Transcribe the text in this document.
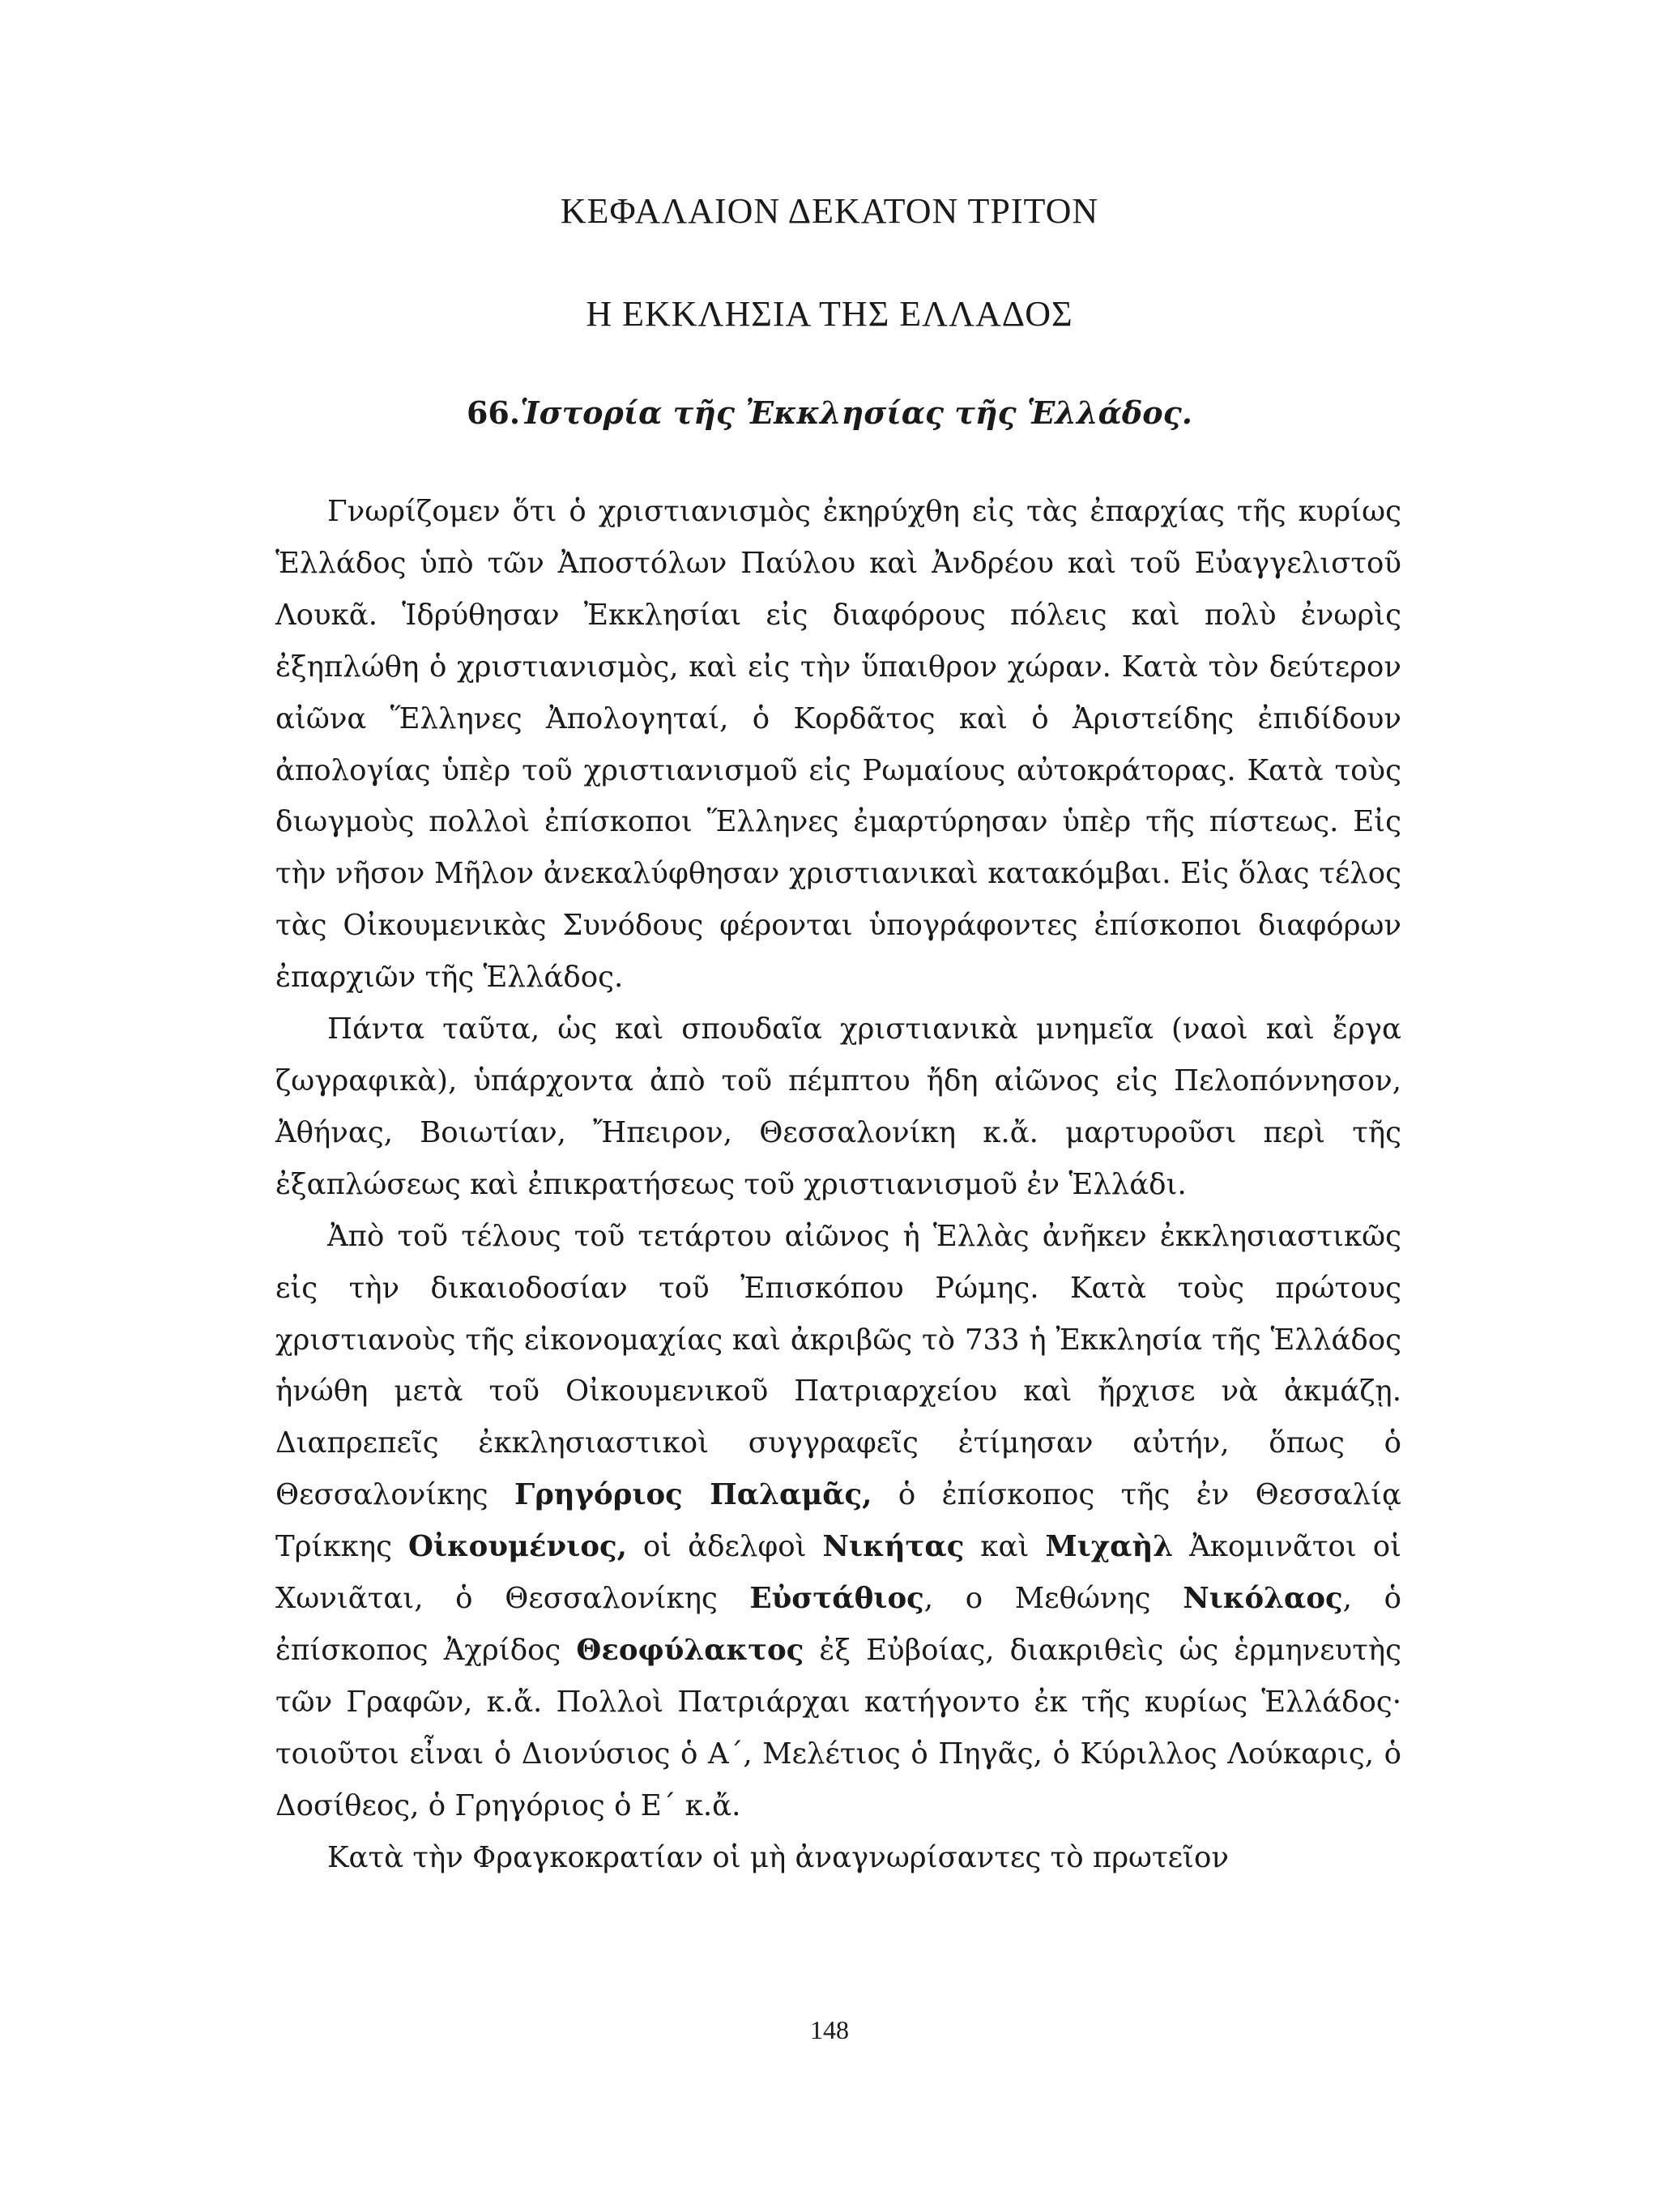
ΚΕΦΑΛΑΙΟΝ ΔΕΚΑΤΟΝ ΤΡΙΤΟΝ
Η ΕΚΚΛΗΣΙΑ ΤΗΣ ΕΛΛΑΔΟΣ
66.Ἱστορία τῆς Ἐκκλησίας τῆς Ἑλλάδος.

Γνωρίζομεν ὅτι ὁ χριστιανισμὸς ἐκηρύχθη εἰς τὰς ἐπαρχίας τῆς κυρίως Ἑλλάδος ὑπὸ τῶν Ἀποστόλων Παύλου καὶ Ἀνδρέου καὶ τοῦ Εὐαγγελιστοῦ Λουκᾶ. Ἱδρύθησαν Ἐκκλησίαι εἰς διαφόρους πόλεις καὶ πολὺ ἐνωρὶς ἐξηπλώθη ὁ χριστιανισμὸς, καὶ εἰς τὴν ὕπαιθρον χώραν. Κατὰ τὸν δεύτερον αἰῶνα Ἕλληνες Ἀπολογηταί, ὁ Κορδᾶτος καὶ ὁ Ἀριστείδης ἐπιδίδουν ἀπολογίας ὑπὲρ τοῦ χριστιανισμοῦ εἰς Ρωμαίους αὐτοκράτορας. Κατὰ τοὺς διωγμοὺς πολλοὶ ἐπίσκοποι Ἕλληνες ἐμαρτύρησαν ὑπὲρ τῆς πίστεως. Εἰς τὴν νῆσον Μῆλον ἀνεκαλύφθησαν χριστιανικαὶ κατακόμβαι. Εἰς ὅλας τέλος τὰς Οἰκουμενικὰς Συνόδους φέρονται ὑπογράφοντες ἐπίσκοποι διαφόρων ἐπαρχιῶν τῆς Ἑλλάδος.

Πάντα ταῦτα, ὡς καὶ σπουδαῖα χριστιανικὰ μνημεῖα (ναοὶ καὶ ἔργα ζωγραφικὰ), ὑπάρχοντα ἀπὸ τοῦ πέμπτου ἤδη αἰῶνος εἰς Πελοπόννησον, Ἀθήνας, Βοιωτίαν, Ἤπειρον, Θεσσαλονίκη κ.ἄ. μαρτυροῦσι περὶ τῆς ἐξαπλώσεως καὶ ἐπικρατήσεως τοῦ χριστιανισμοῦ ἐν Ἑλλάδι.

Ἀπὸ τοῦ τέλους τοῦ τετάρτου αἰῶνος ἡ Ἑλλὰς ἀνῆκεν ἐκκλησιαστικῶς εἰς τὴν δικαιοδοσίαν τοῦ Ἐπισκόπου Ρώμης. Κατὰ τοὺς πρώτους χριστιανοὺς τῆς εἰκονομαχίας καὶ ἀκριβῶς τὸ 733 ἡ Ἐκκλησία τῆς Ἑλλάδος ἡνώθη μετὰ τοῦ Οἰκουμενικοῦ Πατριαρχείου καὶ ἤρχισε νὰ ἀκμάζῃ. Διαπρεπεῖς ἐκκλησιαστικοὶ συγγραφεῖς ἐτίμησαν αὐτήν, ὅπως ὁ Θεσσαλονίκης Γρηγόριος Παλαμᾶς, ὁ ἐπίσκοπος τῆς ἐν Θεσσαλίᾳ Τρίκκης Οἰκουμένιος, οἱ ἀδελφοὶ Νικήτας καὶ Μιχαὴλ Ἀκομινᾶτοι οἱ Χωνιᾶται, ὁ Θεσσαλονίκης Εὐστάθιος, ο Μεθώνης Νικόλαος, ὁ ἐπίσκοπος Ἀχρίδος Θεοφύλακτος ἐξ Εὐβοίας, διακριθεὶς ὡς ἑρμηνευτὴς τῶν Γραφῶν, κ.ἄ. Πολλοὶ Πατριάρχαι κατήγοντο ἐκ τῆς κυρίως Ἑλλάδος· τοιοῦτοι εἶναι ὁ Διονύσιος ὁ Α΄, Μελέτιος ὁ Πηγᾶς, ὁ Κύριλλος Λούκαρις, ὁ Δοσίθεος, ὁ Γρηγόριος ὁ Ε΄ κ.ἄ.

Κατὰ τὴν Φραγκοκρατίαν οἱ μὴ ἀναγνωρίσαντες τὸ πρωτεῖον

148
